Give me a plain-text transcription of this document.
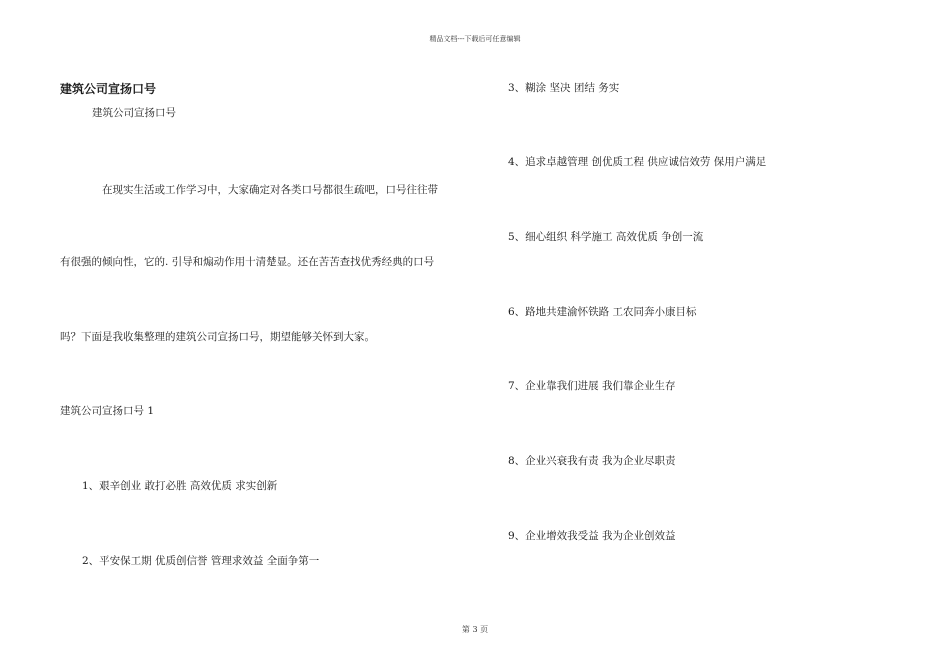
精品文档---下载后可任意编辑
建筑公司宣扬口号
建筑公司宣扬口号
在现实生活或工作学习中，大家确定对各类口号都很生疏吧，口号往往带
有很强的倾向性，它的. 引导和煽动作用十清楚显。还在苦苦查找优秀经典的口号
吗？下面是我收集整理的建筑公司宣扬口号，期望能够关怀到大家。
建筑公司宣扬口号 1
1、艰辛创业 敢打必胜 高效优质 求实创新
2、平安保工期 优质创信誉 管理求效益 全面争第一
3、糊涂 坚决 团结 务实
4、追求卓越管理 创优质工程 供应诚信效劳 保用户满足
5、细心组织 科学施工 高效优质 争创一流
6、路地共建渝怀铁路 工农同奔小康目标
7、企业靠我们进展 我们靠企业生存
8、企业兴衰我有责 我为企业尽职责
9、企业增效我受益 我为企业创效益
第 3 页
